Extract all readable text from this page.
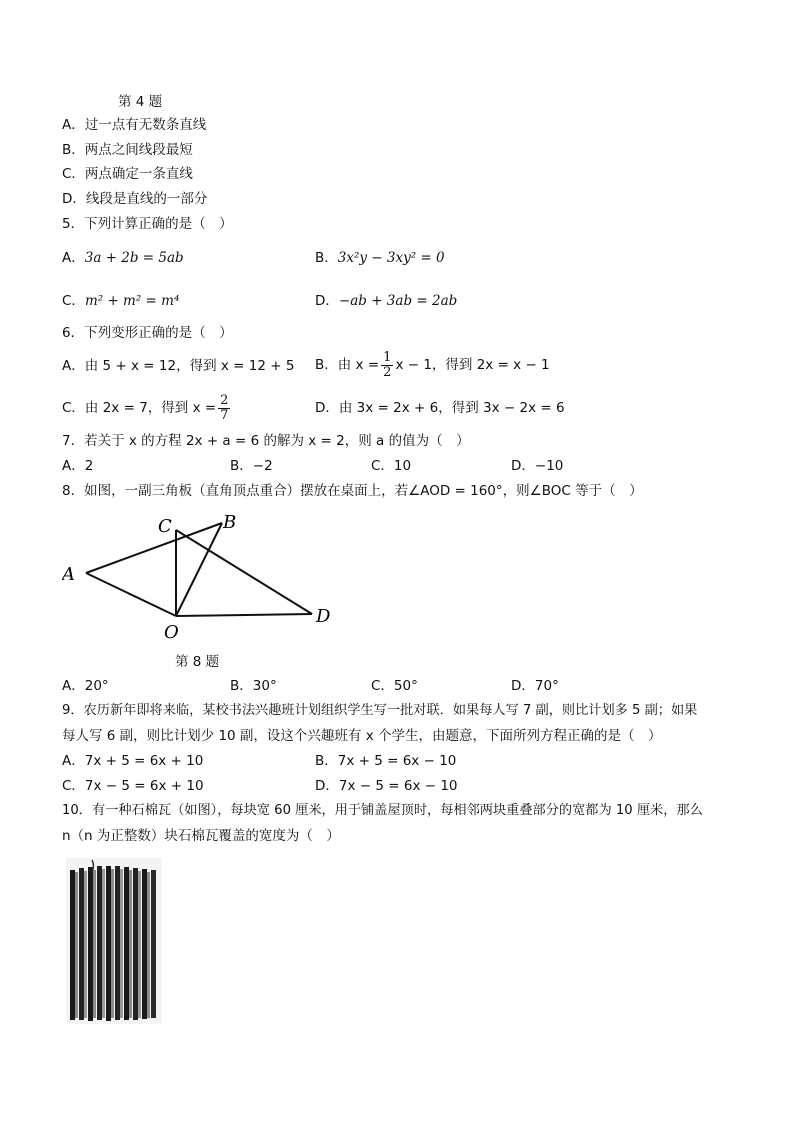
第 4 题
A．过一点有无数条直线
B．两点之间线段最短
C．两点确定一条直线
D．线段是直线的一部分
5．下列计算正确的是（　）
A．3a + 2b = 5ab	B．3x²y − 3xy² = 0
C．m² + m² = m⁴	D．−ab + 3ab = 2ab
6．下列变形正确的是（　）
A．由 5 + x = 12，得到 x = 12 + 5 B．由 $x = \frac{1}{2}$ x − 1，得到 2x = x − 1
C．由 2x = 7，得到 $x = \frac{2}{7}$	D．由 3x = 2x + 6，得到 3x − 2x = 6
7．若关于 x 的方程 2x + a = 6 的解为 x = 2，则 a 的值为（　）
A．2	B．−2	C．10	D．−10
8．如图，一副三角板（直角顶点重合）摆放在桌面上，若∠AOD = 160°，则∠BOC 等于（　）
A
C	B
D
O
第 8 题
A．20°	B．30°	C．50°	D．70°
9．农历新年即将来临，某校书法兴趣班计划组织学生写一批对联．如果每人写 7 副，则比计划多 5 副；如果
每人写 6 副，则比计划少 10 副，设这个兴趣班有 x 个学生，由题意，下面所列方程正确的是（　）
A．7x + 5 = 6x + 10	B．7x + 5 = 6x − 10
C．7x − 5 = 6x + 10	D．7x − 5 = 6x − 10
10．有一种石棉瓦（如图），每块宽 60 厘米，用于铺盖屋顶时，每相邻两块重叠部分的宽都为 10 厘米，那么
n（n 为正整数）块石棉瓦覆盖的宽度为（　）
